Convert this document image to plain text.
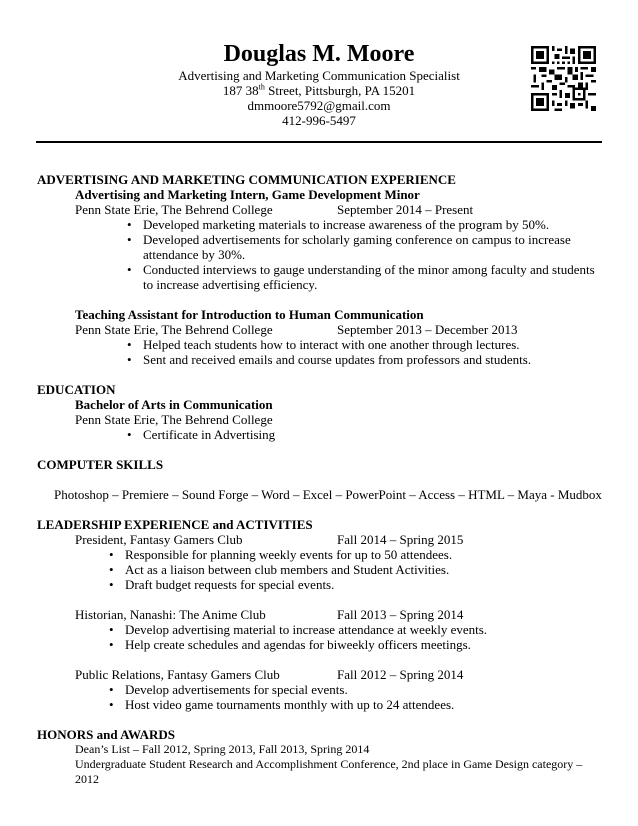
Douglas M. Moore
Advertising and Marketing Communication Specialist
187 38th Street, Pittsburgh, PA 15201
dmmoore5792@gmail.com
412-996-5497
ADVERTISING AND MARKETING COMMUNICATION EXPERIENCE
Advertising and Marketing Intern, Game Development Minor
Penn State Erie, The Behrend College	September 2014 – Present
• Developed marketing materials to increase awareness of the program by 50%.
• Developed advertisements for scholarly gaming conference on campus to increase attendance by 30%.
• Conducted interviews to gauge understanding of the minor among faculty and students to increase advertising efficiency.
Teaching Assistant for Introduction to Human Communication
Penn State Erie, The Behrend College	September 2013 – December 2013
• Helped teach students how to interact with one another through lectures.
• Sent and received emails and course updates from professors and students.
EDUCATION
Bachelor of Arts in Communication
Penn State Erie, The Behrend College
• Certificate in Advertising
COMPUTER SKILLS
Photoshop – Premiere – Sound Forge – Word – Excel – PowerPoint – Access – HTML – Maya - Mudbox
LEADERSHIP EXPERIENCE and ACTIVITIES
President, Fantasy Gamers Club	Fall 2014 – Spring 2015
• Responsible for planning weekly events for up to 50 attendees.
• Act as a liaison between club members and Student Activities.
• Draft budget requests for special events.
Historian, Nanashi: The Anime Club	Fall 2013 – Spring 2014
• Develop advertising material to increase attendance at weekly events.
• Help create schedules and agendas for biweekly officers meetings.
Public Relations, Fantasy Gamers Club	Fall 2012 – Spring 2014
• Develop advertisements for special events.
• Host video game tournaments monthly with up to 24 attendees.
HONORS and AWARDS
Dean’s List – Fall 2012, Spring 2013, Fall 2013, Spring 2014
Undergraduate Student Research and Accomplishment Conference, 2nd place in Game Design category – 2012
